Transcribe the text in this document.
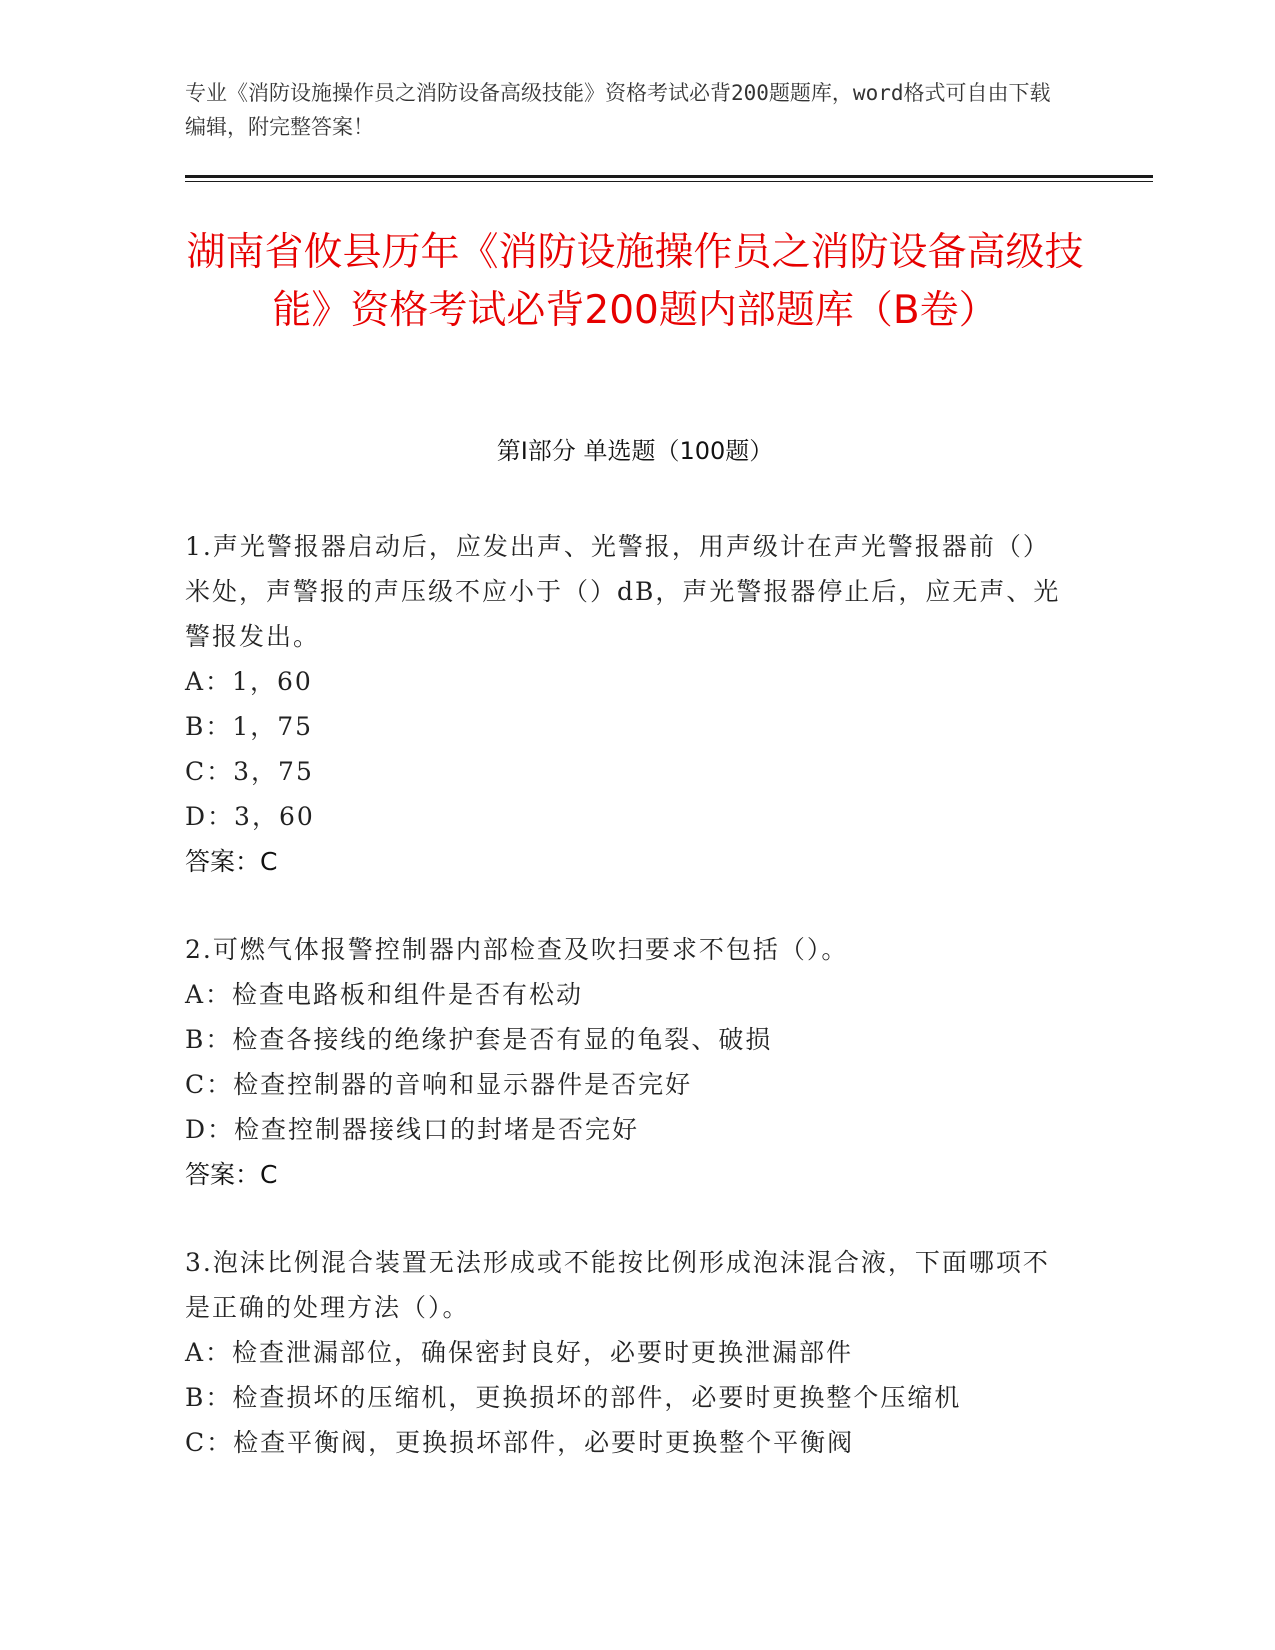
专业《消防设施操作员之消防设备高级技能》资格考试必背200题题库，word格式可自由下载编辑，附完整答案！
湖南省攸县历年《消防设施操作员之消防设备高级技能》资格考试必背200题内部题库（B卷）
第I部分 单选题（100题）
1.声光警报器启动后，应发出声、光警报，用声级计在声光警报器前（）米处，声警报的声压级不应小于（）dB，声光警报器停止后，应无声、光警报发出。
A：1，60
B：1，75
C：3，75
D：3，60
答案：C
2.可燃气体报警控制器内部检查及吹扫要求不包括（）。
A：检查电路板和组件是否有松动
B：检查各接线的绝缘护套是否有显的龟裂、破损
C：检查控制器的音响和显示器件是否完好
D：检查控制器接线口的封堵是否完好
答案：C
3.泡沫比例混合装置无法形成或不能按比例形成泡沫混合液，下面哪项不是正确的处理方法（）。
A：检查泄漏部位，确保密封良好，必要时更换泄漏部件
B：检查损坏的压缩机，更换损坏的部件，必要时更换整个压缩机
C：检查平衡阀，更换损坏部件，必要时更换整个平衡阀
